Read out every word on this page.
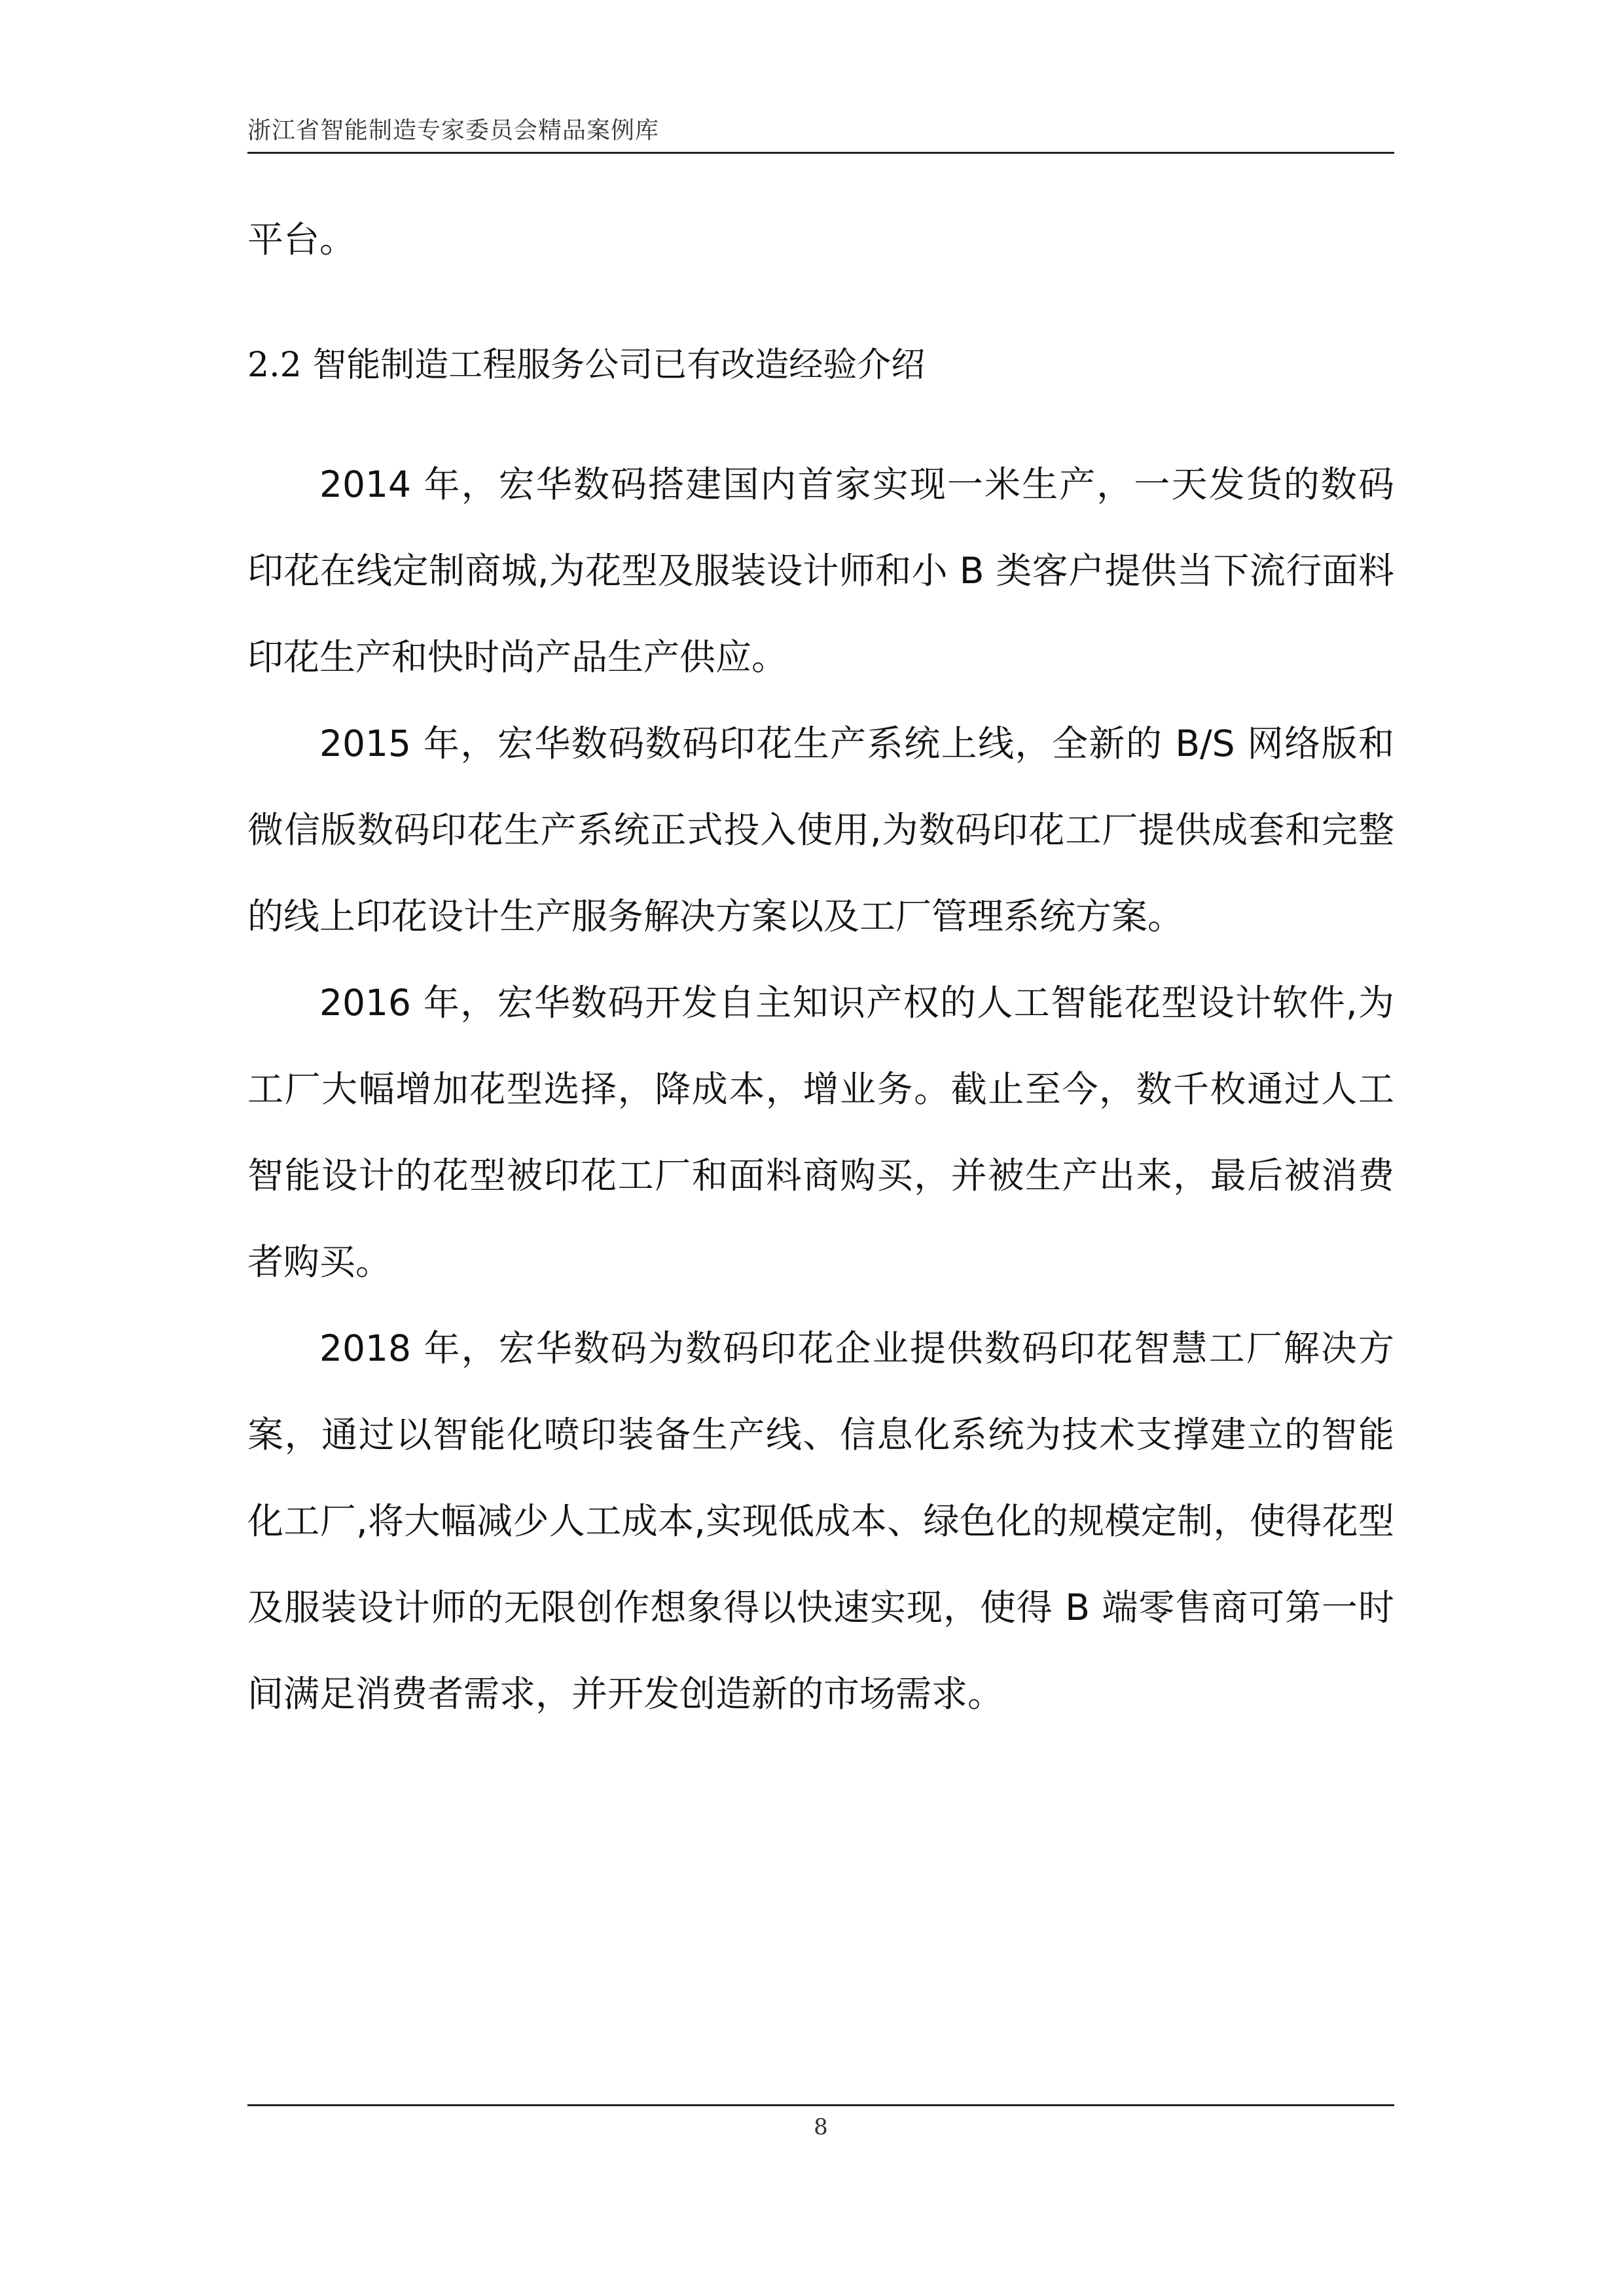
浙江省智能制造专家委员会精品案例库

平台。

2.2 智能制造工程服务公司已有改造经验介绍

2014 年，宏华数码搭建国内首家实现一米生产，一天发货的数码印花在线定制商城,为花型及服装设计师和小 B 类客户提供当下流行面料印花生产和快时尚产品生产供应。

2015 年，宏华数码数码印花生产系统上线，全新的 B/S 网络版和微信版数码印花生产系统正式投入使用,为数码印花工厂提供成套和完整的线上印花设计生产服务解决方案以及工厂管理系统方案。

2016 年，宏华数码开发自主知识产权的人工智能花型设计软件,为工厂大幅增加花型选择，降成本，增业务。截止至今，数千枚通过人工智能设计的花型被印花工厂和面料商购买，并被生产出来，最后被消费者购买。

2018 年，宏华数码为数码印花企业提供数码印花智慧工厂解决方案，通过以智能化喷印装备生产线、信息化系统为技术支撑建立的智能化工厂,将大幅减少人工成本,实现低成本、绿色化的规模定制，使得花型及服装设计师的无限创作想象得以快速实现，使得 B 端零售商可第一时间满足消费者需求，并开发创造新的市场需求。

8
